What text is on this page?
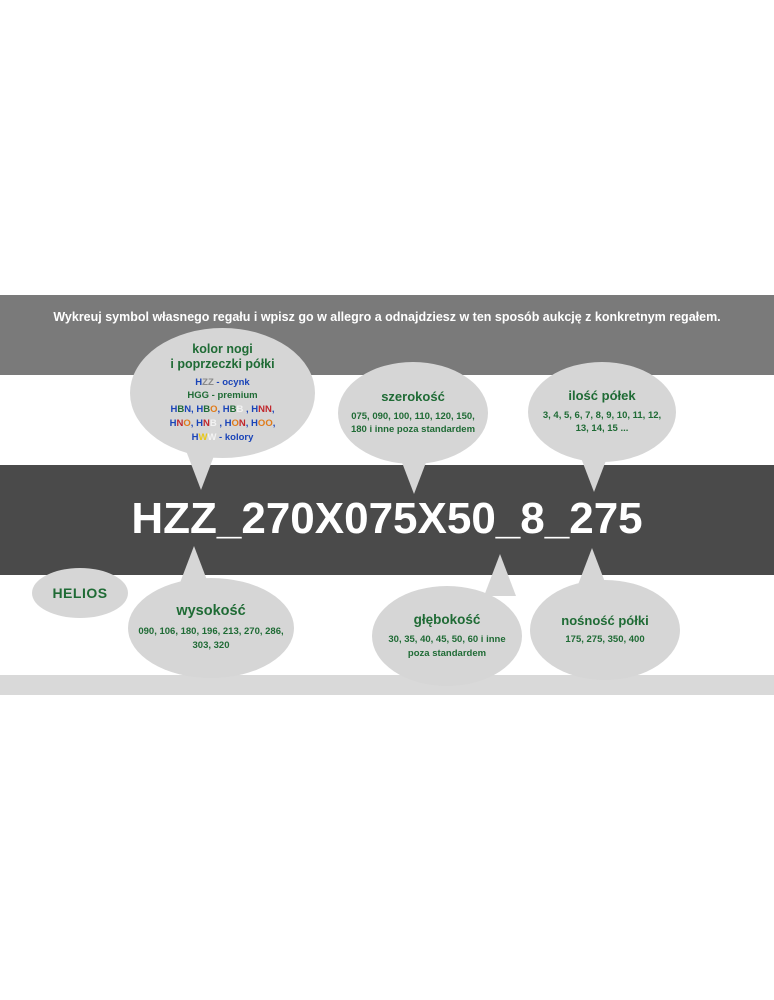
Wykreuj symbol własnego regału i wpisz go w allegro a odnajdziesz w ten sposób aukcję z konkretnym regałem.
kolor nogi
i poprzeczki półki
HZZ - ocynk
HGG - premium
HBN, HBO, HBB , HNN,
HNO, HNB , HON, HOO,
HWW - kolory
szerokość
075, 090, 100, 110, 120, 150, 180 i inne poza standardem
ilość półek
3, 4, 5, 6, 7, 8, 9, 10, 11, 12, 13, 14, 15 ...
HZZ_270X075X50_8_275
HELIOS
wysokość
090, 106, 180, 196, 213, 270, 286, 303, 320
głębokość
30, 35, 40, 45, 50, 60 i inne poza standardem
nośność półki
175, 275, 350, 400
